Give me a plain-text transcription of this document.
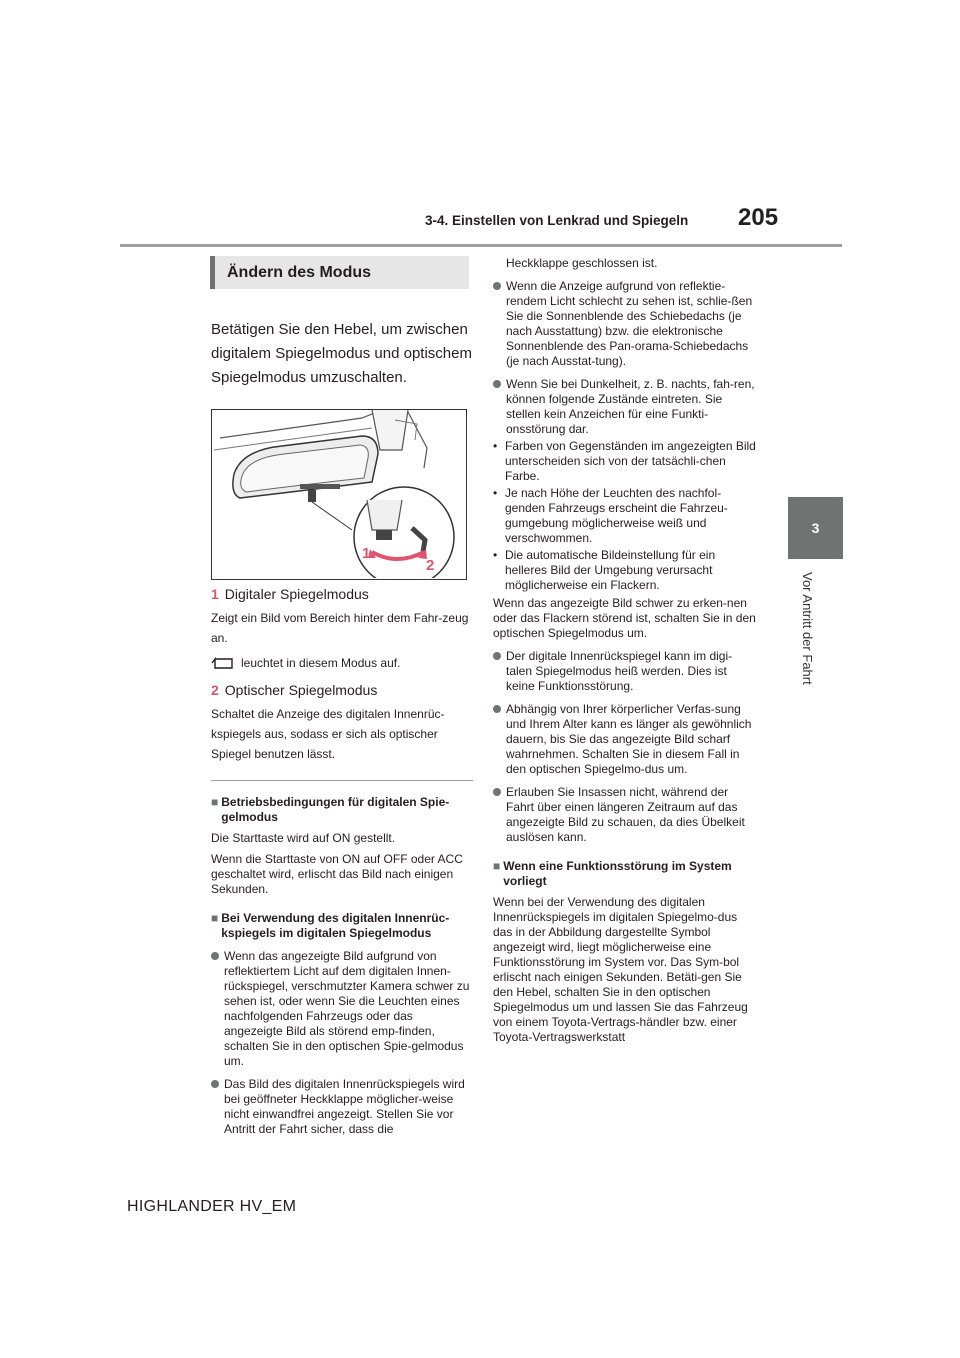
3-4. Einstellen von Lenkrad und Spiegeln 205
3
Vor Antritt der Fahrt
Ändern des Modus

Betätigen Sie den Hebel, um zwischen digitalem Spiegelmodus und optischem Spiegelmodus umzuschalten.

1
2
1 Digitaler Spiegelmodus
Zeigt ein Bild vom Bereich hinter dem Fahr-zeug an.
leuchtet in diesem Modus auf.
2 Optischer Spiegelmodus
Schaltet die Anzeige des digitalen Innenrüc-kspiegels aus, sodass er sich als optischer Spiegel benutzen lässt.
■ Betriebsbedingungen für digitalen Spie-gelmodus
Die Starttaste wird auf ON gestellt.
Wenn die Starttaste von ON auf OFF oder ACC geschaltet wird, erlischt das Bild nach einigen Sekunden.
■ Bei Verwendung des digitalen Innenrüc-kspiegels im digitalen Spiegelmodus
Wenn das angezeigte Bild aufgrund von reflektiertem Licht auf dem digitalen Innen-rückspiegel, verschmutzter Kamera schwer zu sehen ist, oder wenn Sie die Leuchten eines nachfolgenden Fahrzeugs oder das angezeigte Bild als störend emp-finden, schalten Sie in den optischen Spie-gelmodus um.
Das Bild des digitalen Innenrückspiegels wird bei geöffneter Heckklappe möglicher-weise nicht einwandfrei angezeigt. Stellen Sie vor Antritt der Fahrt sicher, dass die
Heckklappe geschlossen ist.
Wenn die Anzeige aufgrund von reflektie-rendem Licht schlecht zu sehen ist, schlie-ßen Sie die Sonnenblende des Schiebedachs (je nach Ausstattung) bzw. die elektronische Sonnenblende des Pan-orama-Schiebedachs (je nach Ausstat-tung).
Wenn Sie bei Dunkelheit, z. B. nachts, fah-ren, können folgende Zustände eintreten. Sie stellen kein Anzeichen für eine Funkti-onsstörung dar.
• Farben von Gegenständen im angezeigten Bild unterscheiden sich von der tatsächli-chen Farbe.
• Je nach Höhe der Leuchten des nachfol-genden Fahrzeugs erscheint die Fahrzeu-gumgebung möglicherweise weiß und verschwommen.
• Die automatische Bildeinstellung für ein helleres Bild der Umgebung verursacht möglicherweise ein Flackern.
Wenn das angezeigte Bild schwer zu erken-nen oder das Flackern störend ist, schalten Sie in den optischen Spiegelmodus um.
Der digitale Innenrückspiegel kann im digi-talen Spiegelmodus heiß werden. Dies ist keine Funktionsstörung.
Abhängig von Ihrer körperlicher Verfas-sung und Ihrem Alter kann es länger als gewöhnlich dauern, bis Sie das angezeigte Bild scharf wahrnehmen. Schalten Sie in diesem Fall in den optischen Spiegelmo-dus um.
Erlauben Sie Insassen nicht, während der Fahrt über einen längeren Zeitraum auf das angezeigte Bild zu schauen, da dies Übelkeit auslösen kann.
■ Wenn eine Funktionsstörung im System vorliegt
Wenn bei der Verwendung des digitalen Innenrückspiegels im digitalen Spiegelmo-dus das in der Abbildung dargestellte Symbol angezeigt wird, liegt möglicherweise eine Funktionsstörung im System vor. Das Sym-bol erlischt nach einigen Sekunden. Betäti-gen Sie den Hebel, schalten Sie in den optischen Spiegelmodus um und lassen Sie das Fahrzeug von einem Toyota-Vertrags-händler bzw. einer Toyota-Vertragswerkstatt
HIGHLANDER HV_EM
